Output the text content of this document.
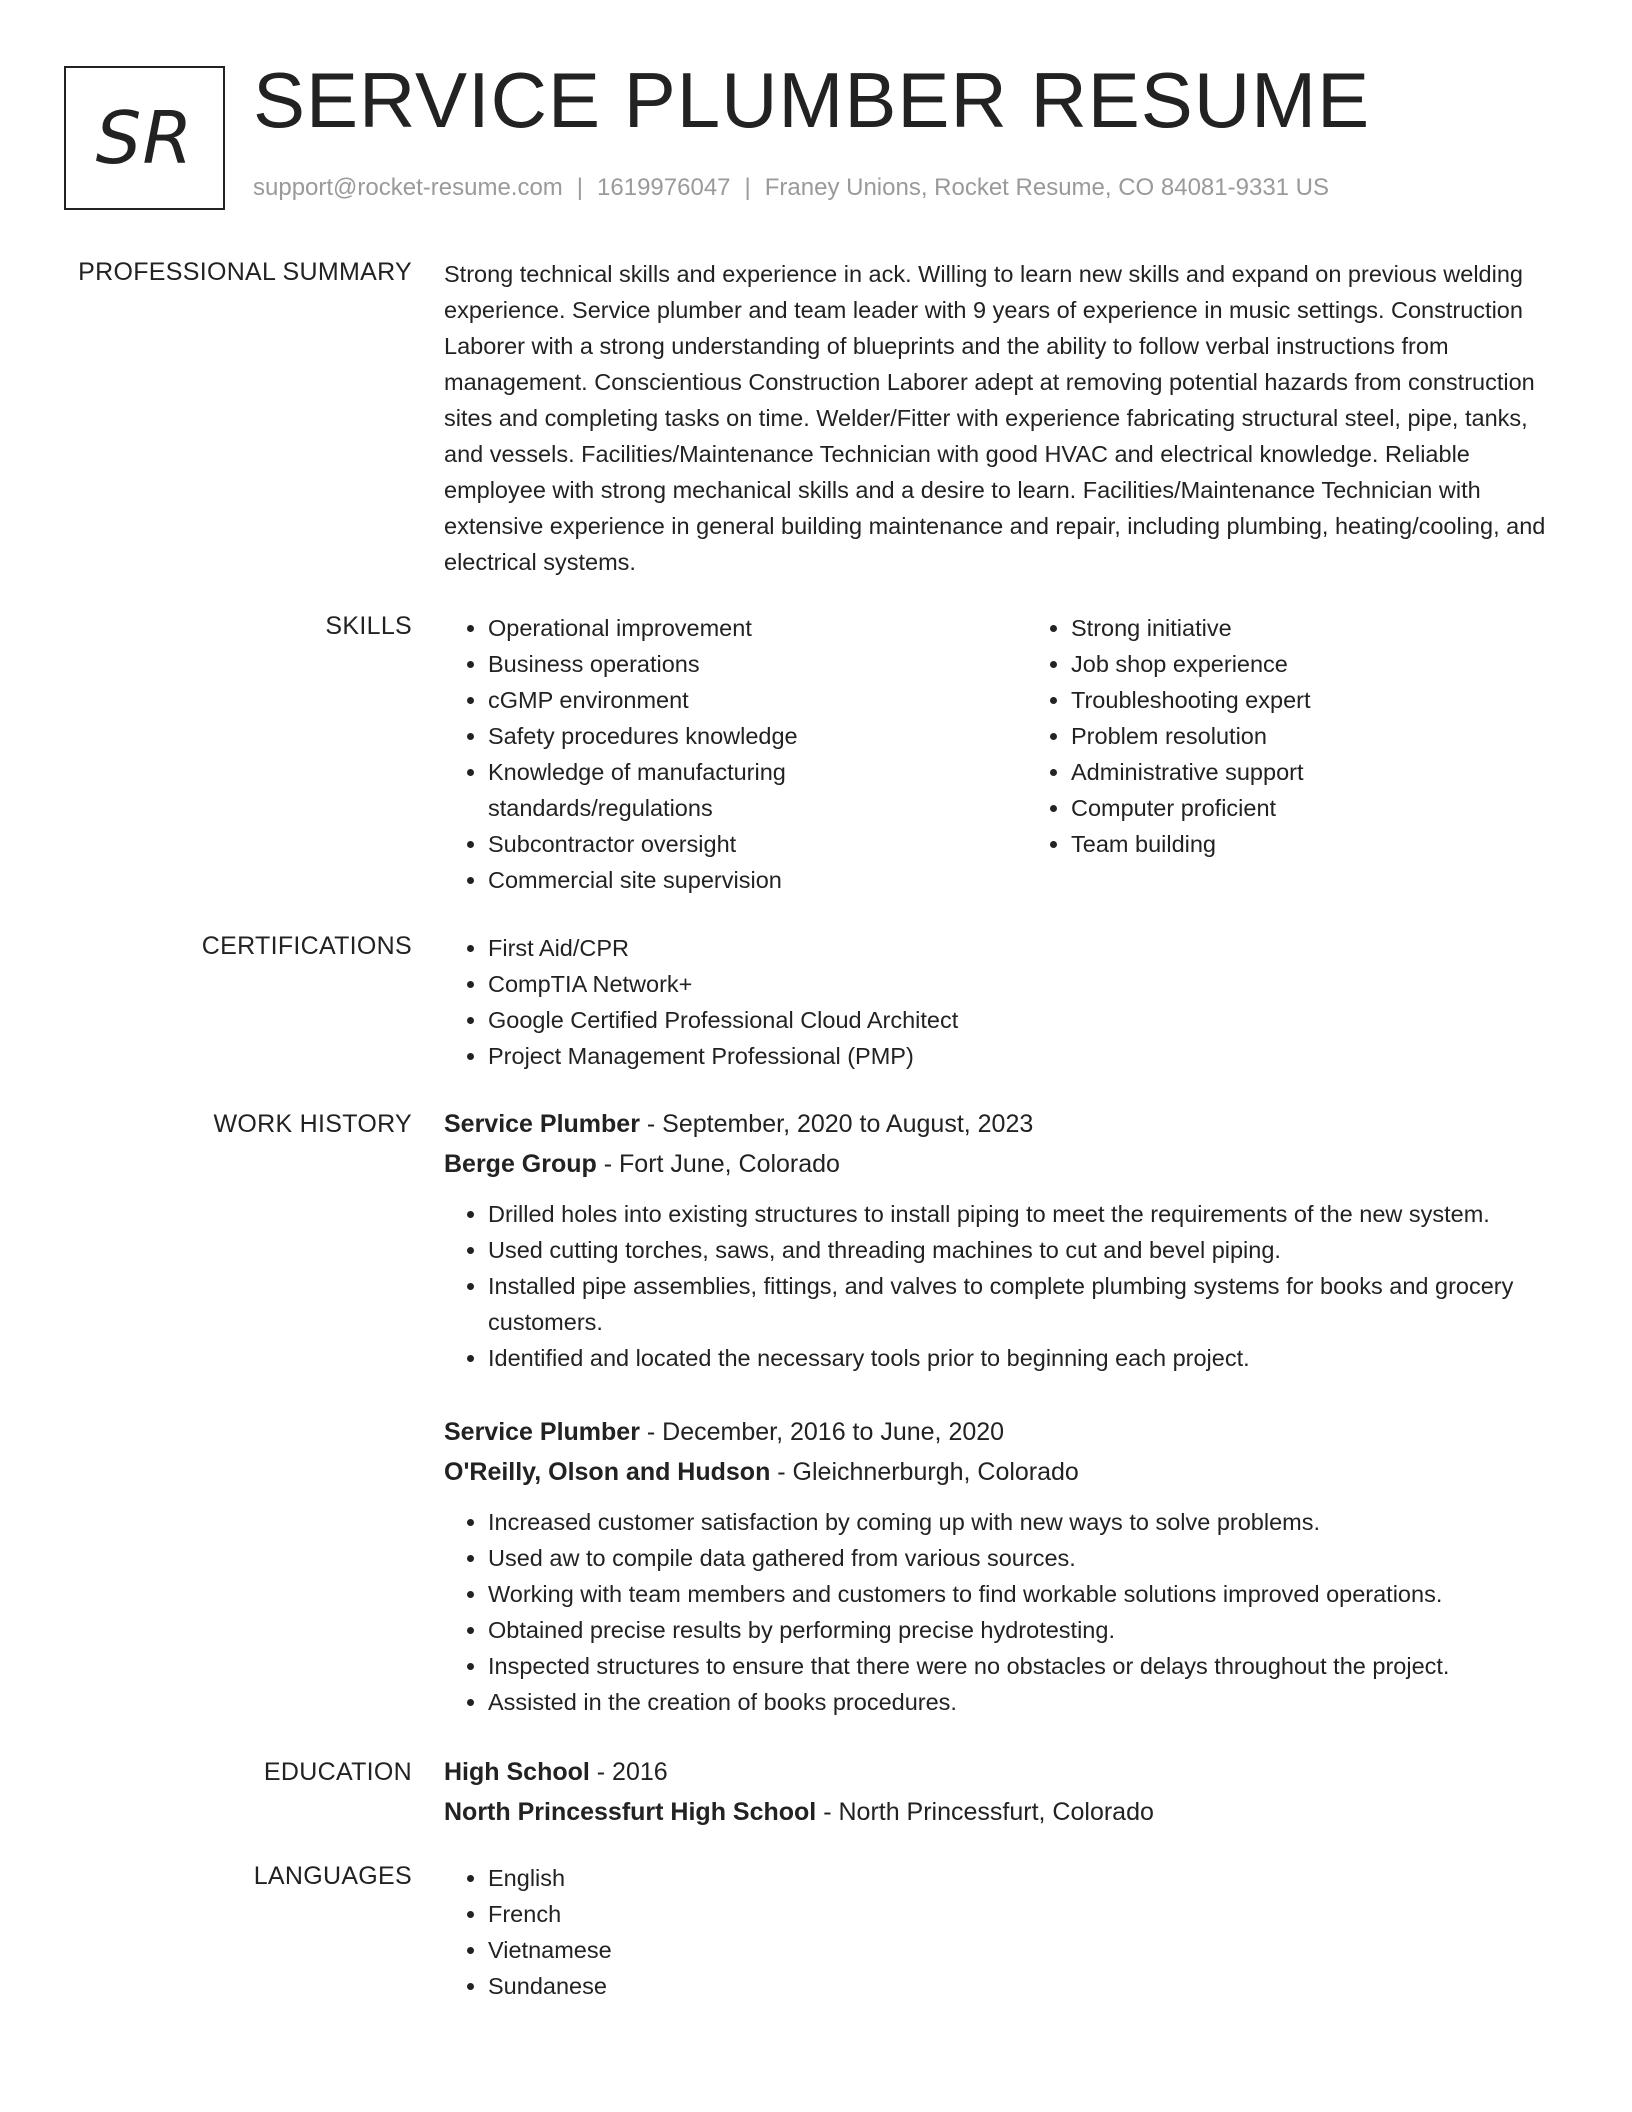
SR SERVICE PLUMBER RESUME
support@rocket-resume.com | 1619976047 | Franey Unions, Rocket Resume, CO 84081-9331 US
PROFESSIONAL SUMMARY Strong technical skills and experience in ack. Willing to learn new skills and expand on previous welding experience. Service plumber and team leader with 9 years of experience in music settings. Construction Laborer with a strong understanding of blueprints and the ability to follow verbal instructions from management. Conscientious Construction Laborer adept at removing potential hazards from construction sites and completing tasks on time. Welder/Fitter with experience fabricating structural steel, pipe, tanks, and vessels. Facilities/Maintenance Technician with good HVAC and electrical knowledge. Reliable employee with strong mechanical skills and a desire to learn. Facilities/Maintenance Technician with extensive experience in general building maintenance and repair, including plumbing, heating/cooling, and electrical systems.

SKILLS	• Operational improvement
• Business operations
• cGMP environment
• Safety procedures knowledge
• Knowledge of manufacturing standards/regulations
• Subcontractor oversight
• Commercial site supervision
• Strong initiative
• Job shop experience
• Troubleshooting expert
• Problem resolution
• Administrative support
• Computer proficient
• Team building
CERTIFICATIONS	• First Aid/CPR
• CompTIA Network+
• Google Certified Professional Cloud Architect
• Project Management Professional (PMP)
WORK HISTORY Service Plumber - September, 2020 to August, 2023
Berge Group - Fort June, Colorado
• Drilled holes into existing structures to install piping to meet the requirements of the new system.
• Used cutting torches, saws, and threading machines to cut and bevel piping.
• Installed pipe assemblies, fittings, and valves to complete plumbing systems for books and grocery customers.
• Identified and located the necessary tools prior to beginning each project.
Service Plumber - December, 2016 to June, 2020
O'Reilly, Olson and Hudson - Gleichnerburgh, Colorado
• Increased customer satisfaction by coming up with new ways to solve problems.
• Used aw to compile data gathered from various sources.
• Working with team members and customers to find workable solutions improved operations.
• Obtained precise results by performing precise hydrotesting.
• Inspected structures to ensure that there were no obstacles or delays throughout the project.
• Assisted in the creation of books procedures.
EDUCATION High School - 2016
North Princessfurt High School - North Princessfurt, Colorado
LANGUAGES	• English
• French
• Vietnamese
• Sundanese
